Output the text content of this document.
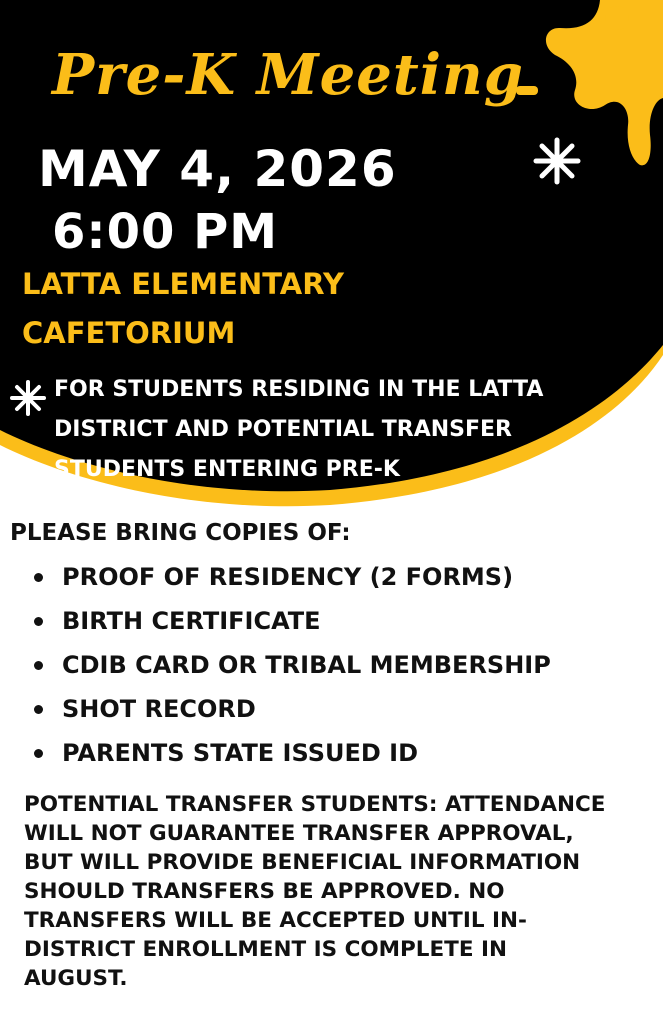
Pre-K Meeting
MAY 4, 2026
6:00 PM
LATTA ELEMENTARY
CAFETORIUM
FOR STUDENTS RESIDING IN THE LATTA
DISTRICT AND POTENTIAL TRANSFER
STUDENTS ENTERING PRE-K
PLEASE BRING COPIES OF:
PROOF OF RESIDENCY (2 FORMS)
BIRTH CERTIFICATE
CDIB CARD OR TRIBAL MEMBERSHIP
SHOT RECORD
PARENTS STATE ISSUED ID
POTENTIAL TRANSFER STUDENTS: ATTENDANCE
WILL NOT GUARANTEE TRANSFER APPROVAL,
BUT WILL PROVIDE BENEFICIAL INFORMATION
SHOULD TRANSFERS BE APPROVED. NO
TRANSFERS WILL BE ACCEPTED UNTIL IN-
DISTRICT ENROLLMENT IS COMPLETE IN
AUGUST.
